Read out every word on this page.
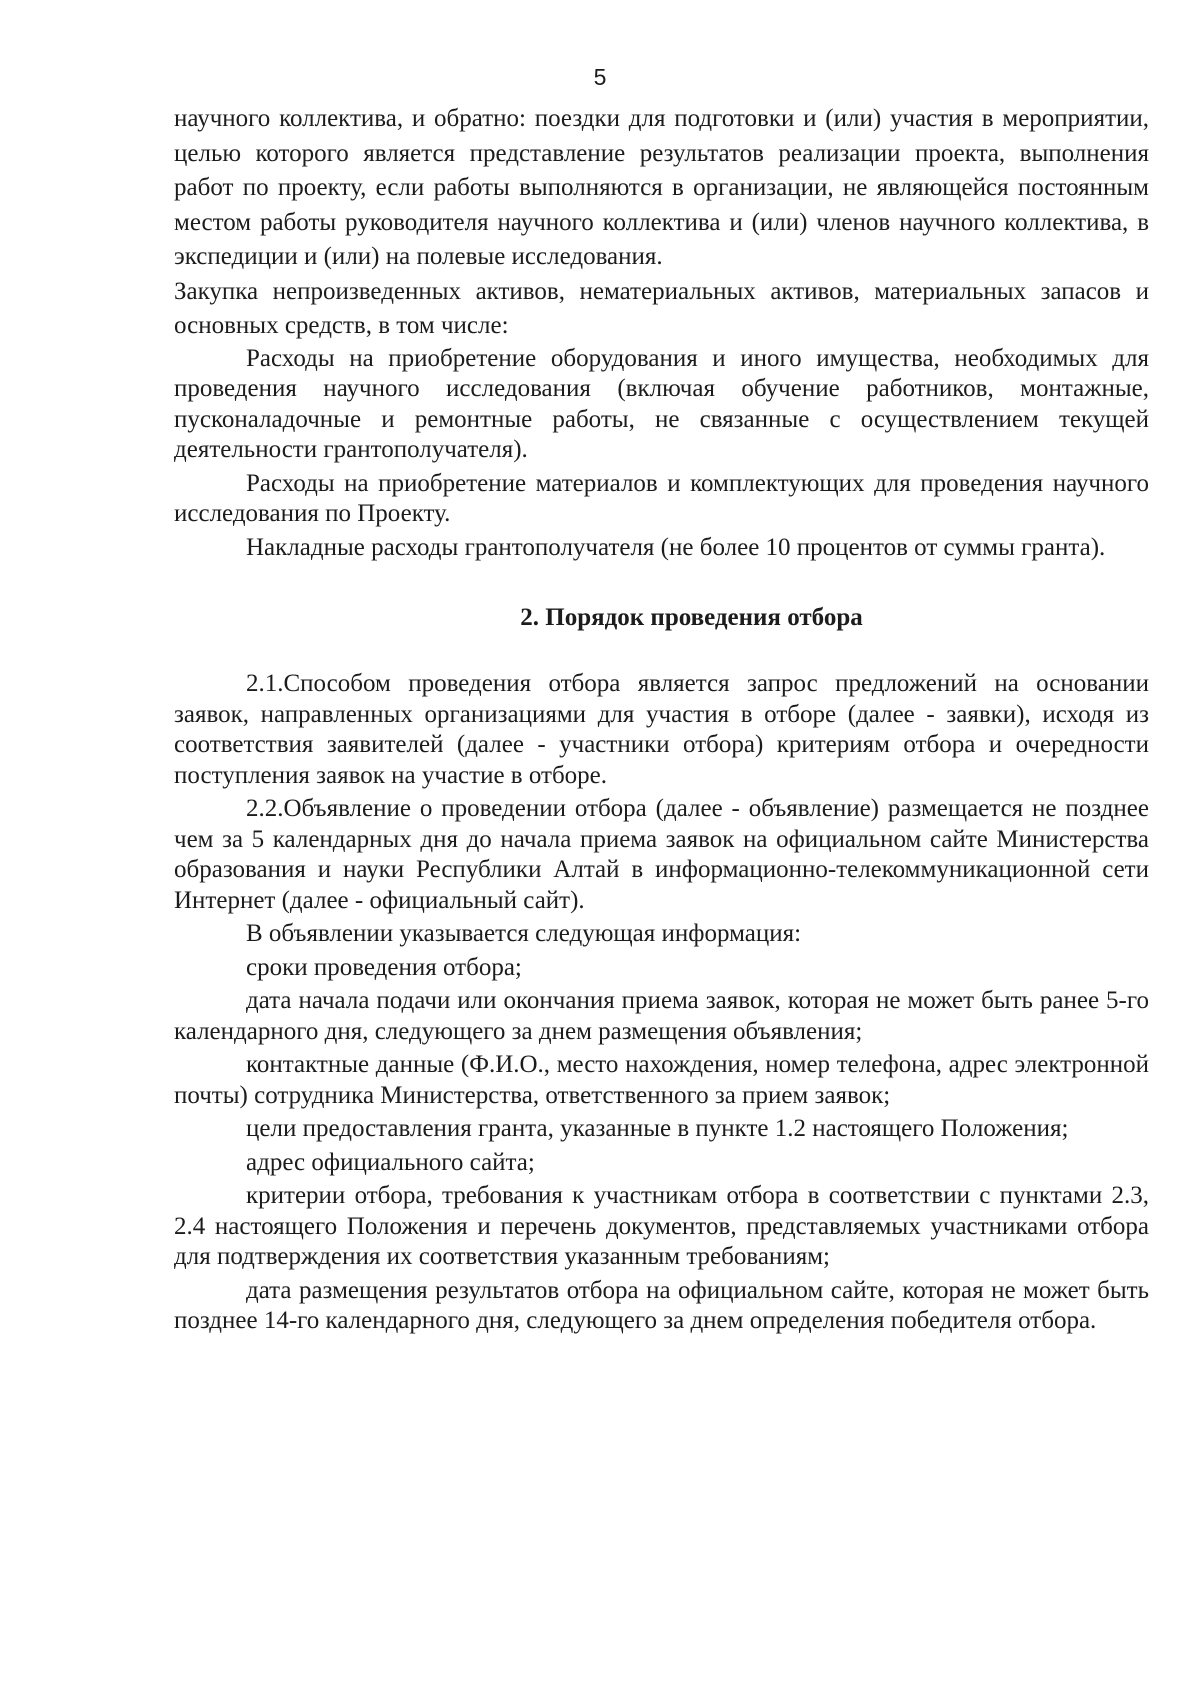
5

научного коллектива, и обратно: поездки для подготовки и (или) участия в мероприятии, целью которого является представление результатов реализации проекта, выполнения работ по проекту, если работы выполняются в организации, не являющейся постоянным местом работы руководителя научного коллектива и (или) членов научного коллектива, в экспедиции и (или) на полевые исследования.

Закупка непроизведенных активов, нематериальных активов, материальных запасов и основных средств, в том числе:

Расходы на приобретение оборудования и иного имущества, необходимых для проведения научного исследования (включая обучение работников, монтажные, пусконаладочные и ремонтные работы, не связанные с осуществлением текущей деятельности грантополучателя).

Расходы на приобретение материалов и комплектующих для проведения научного исследования по Проекту.

Накладные расходы грантополучателя (не более 10 процентов от суммы гранта).

2. Порядок проведения отбора

2.1.Способом проведения отбора является запрос предложений на основании заявок, направленных организациями для участия в отборе (далее - заявки), исходя из соответствия заявителей (далее - участники отбора) критериям отбора и очередности поступления заявок на участие в отборе.

2.2.Объявление о проведении отбора (далее - объявление) размещается не позднее чем за 5 календарных дня до начала приема заявок на официальном сайте Министерства образования и науки Республики Алтай в информационно-телекоммуникационной сети Интернет (далее - официальный сайт).

В объявлении указывается следующая информация:

сроки проведения отбора;

дата начала подачи или окончания приема заявок, которая не может быть ранее 5-го календарного дня, следующего за днем размещения объявления;

контактные данные (Ф.И.О., место нахождения, номер телефона, адрес электронной почты) сотрудника Министерства, ответственного за прием заявок;

цели предоставления гранта, указанные в пункте 1.2 настоящего Положения;

адрес официального сайта;

критерии отбора, требования к участникам отбора в соответствии с пунктами 2.3, 2.4 настоящего Положения и перечень документов, представляемых участниками отбора для подтверждения их соответствия указанным требованиям;

дата размещения результатов отбора на официальном сайте, которая не может быть позднее 14-го календарного дня, следующего за днем определения победителя отбора.
